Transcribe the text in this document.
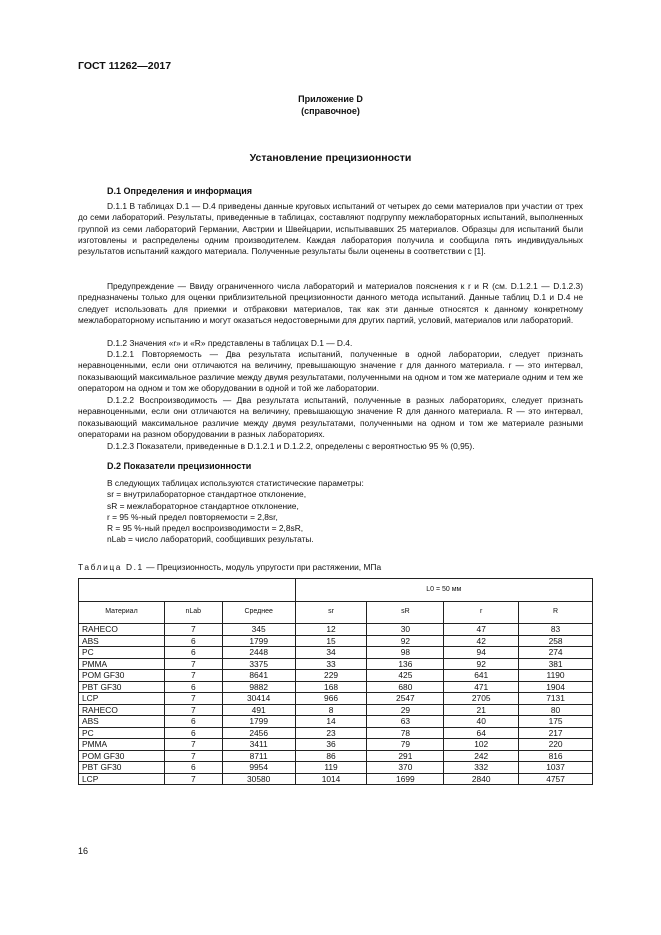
ГОСТ 11262—2017
Приложение D
(справочное)
Установление прецизионности
D.1 Определения и информация
D.1.1 В таблицах D.1 — D.4 приведены данные круговых испытаний от четырех до семи материалов при участии от трех до семи лабораторий. Результаты, приведенные в таблицах, составляют подгруппу межлабораторных испытаний, выполненных группой из семи лабораторий Германии, Австрии и Швейцарии, испытывавших 25 материалов. Образцы для испытаний были изготовлены и распределены одним производителем. Каждая лаборатория получила и сообщила пять индивидуальных результатов испытаний каждого материала. Полученные результаты были оценены в соответствии с [1].
Предупреждение — Ввиду ограниченного числа лабораторий и материалов пояснения к r и R (см. D.1.2.1 — D.1.2.3) предназначены только для оценки приблизительной прецизионности данного метода испытаний. Данные таблиц D.1 и D.4 не следует использовать для приемки и отбраковки материалов, так как эти данные относятся к данному конкретному межлабораторному испытанию и могут оказаться недостоверными для других партий, условий, материалов или лабораторий.
D.1.2 Значения «r» и «R» представлены в таблицах D.1 — D.4.
D.1.2.1 Повторяемость — Два результата испытаний, полученные в одной лаборатории, следует признать неравноценными, если они отличаются на величину, превышающую значение r для данного материала. r — это интервал, показывающий максимальное различие между двумя результатами, полученными на одном и том же материале одним и тем же оператором на одном и том же оборудовании в одной и той же лаборатории.
D.1.2.2 Воспроизводимость — Два результата испытаний, полученные в разных лабораториях, следует признать неравноценными, если они отличаются на величину, превышающую значение R для данного материала. R — это интервал, показывающий максимальное различие между двумя результатами, полученными на одном и том же материале разными операторами на разном оборудовании в разных лабораториях.
D.1.2.3 Показатели, приведенные в D.1.2.1 и D.1.2.2, определены с вероятностью 95 % (0,95).
D.2 Показатели прецизионности
В следующих таблицах используются статистические параметры:
sr = внутрилабораторное стандартное отклонение,
sR = межлабораторное стандартное отклонение,
r = 95 %-ный предел повторяемости = 2,8sr,
R = 95 %-ный предел воспроизводимости = 2,8sR,
nLab = число лабораторий, сообщивших результаты.
Таблица D.1 — Прецизионность, модуль упругости при растяжении, МПа
			L0 = 50 мм			
Материал	nLab	Среднее	sr	sR	r	R
RAHECO	7	345	12	30	47	83
ABS	6	1799	15	92	42	258
PC	6	2448	34	98	94	274
PMMA	7	3375	33	136	92	381
POM GF30	7	8641	229	425	641	1190
PBT GF30	6	9882	168	680	471	1904
LCP	7	30414	966	2547	2705	7131
RAHECO	7	491	8	29	21	80
ABS	6	1799	14	63	40	175
PC	6	2456	23	78	64	217
PMMA	7	3411	36	79	102	220
POM GF30	7	8711	86	291	242	816
PBT GF30	6	9954	119	370	332	1037
LCP	7	30580	1014	1699	2840	4757
16
